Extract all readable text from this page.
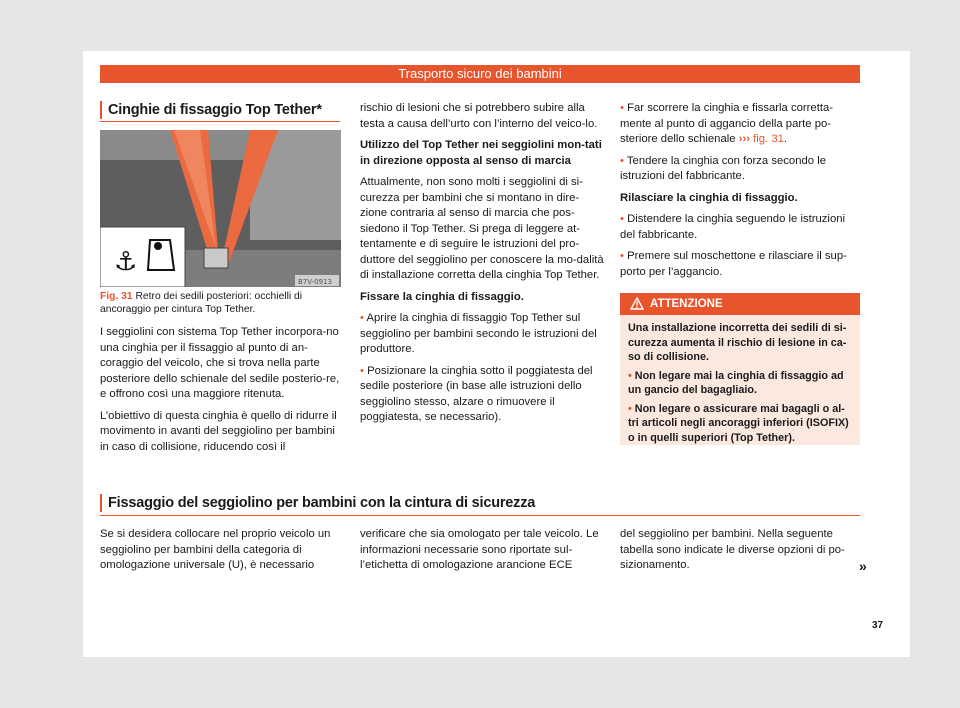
Trasporto sicuro dei bambini
Cinghie di fissaggio Top Tether*
⚓
B7V-0913
Fig. 31 Retro dei sedili posteriori: occhielli di ancoraggio per cintura Top Tether.

I seggiolini con sistema Top Tether incorpora-no una cinghia per il fissaggio al punto di an-coraggio del veicolo, che si trova nella parte posteriore dello schienale del sedile posterio-re, e offrono così una maggiore ritenuta.

L’obiettivo di questa cinghia è quello di ridurre il movimento in avanti del seggiolino per bambini in caso di collisione, riducendo così il

rischio di lesioni che si potrebbero subire alla testa a causa dell’urto con l’interno del veico-lo.

Utilizzo del Top Tether nei seggiolini mon-tati in direzione opposta al senso di marcia

Attualmente, non sono molti i seggiolini di si-curezza per bambini che si montano in dire-zione contraria al senso di marcia che pos-siedono il Top Tether. Si prega di leggere at-tentamente e di seguire le istruzioni del pro-duttore del seggiolino per conoscere la mo-dalità di installazione corretta della cinghia Top Tether.

Fissare la cinghia di fissaggio.

• Aprire la cinghia di fissaggio Top Tether sul seggiolino per bambini secondo le istruzioni del produttore.

• Posizionare la cinghia sotto il poggiatesta del sedile posteriore (in base alle istruzioni dello seggiolino stesso, alzare o rimuovere il poggiatesta, se necessario).

• Far scorrere la cinghia e fissarla corretta-mente al punto di aggancio della parte po-steriore dello schienale ››› fig. 31.

• Tendere la cinghia con forza secondo le istruzioni del fabbricante.

Rilasciare la cinghia di fissaggio.

• Distendere la cinghia seguendo le istruzioni del fabbricante.

• Premere sul moschettone e rilasciare il sup-porto per l’aggancio.

ATTENZIONE

Una installazione incorretta dei sedili di si-curezza aumenta il rischio di lesione in ca-so di collisione.

• Non legare mai la cinghia di fissaggio ad un gancio del bagagliaio.

• Non legare o assicurare mai bagagli o al-tri articoli negli ancoraggi inferiori (ISOFIX) o in quelli superiori (Top Tether).

Fissaggio del seggiolino per bambini con la cintura di sicurezza

Se si desidera collocare nel proprio veicolo un seggiolino per bambini della categoria di omologazione universale (U), è necessario

verificare che sia omologato per tale veicolo. Le informazioni necessarie sono riportate sul-l’etichetta di omologazione arancione ECE

del seggiolino per bambini. Nella seguente tabella sono indicate le diverse opzioni di po-sizionamento.	»
37
